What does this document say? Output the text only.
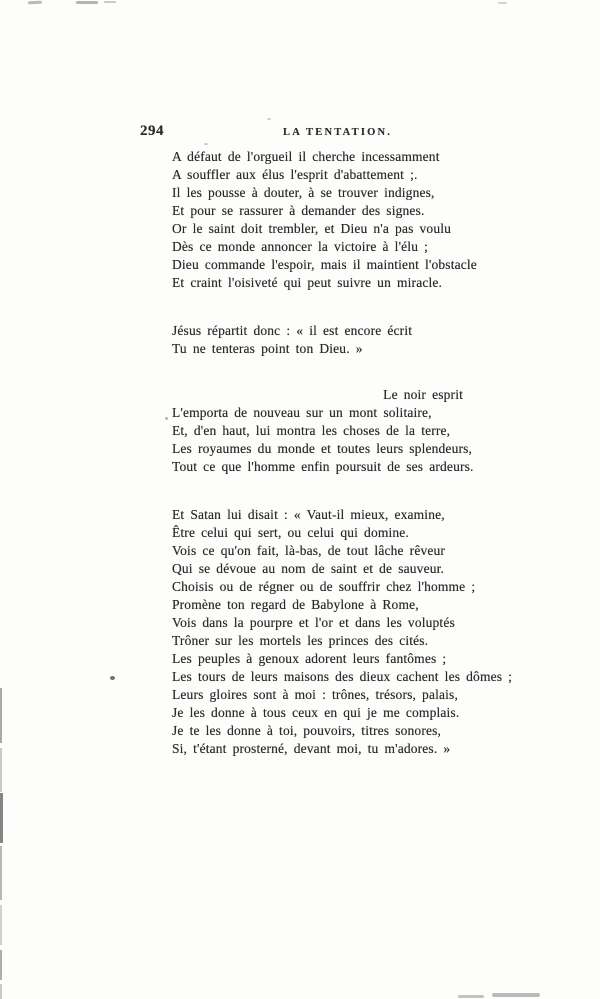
294	LA TENTATION.
A défaut de l'orgueil il cherche incessamment
A souffler aux élus l'esprit d'abattement ;.
Il les pousse à douter, à se trouver indignes,
Et pour se rassurer à demander des signes.
Or le saint doit trembler, et Dieu n'a pas voulu
Dès ce monde annoncer la victoire à l'élu ;
Dieu commande l'espoir, mais il maintient l'obstacle
Et craint l'oisiveté qui peut suivre un miracle.
Jésus répartit donc : « il est encore écrit
Tu ne tenteras point ton Dieu. »
Le noir esprit
L'emporta de nouveau sur un mont solitaire,
Et, d'en haut, lui montra les choses de la terre,
Les royaumes du monde et toutes leurs splendeurs,
Tout ce que l'homme enfin poursuit de ses ardeurs.
Et Satan lui disait : « Vaut-il mieux, examine,
Être celui qui sert, ou celui qui domine.
Vois ce qu'on fait, là-bas, de tout lâche rêveur
Qui se dévoue au nom de saint et de sauveur.
Choisis ou de régner ou de souffrir chez l'homme ;
Promène ton regard de Babylone à Rome,
Vois dans la pourpre et l'or et dans les voluptés
Trôner sur les mortels les princes des cités.
Les peuples à genoux adorent leurs fantômes ;
Les tours de leurs maisons des dieux cachent les dômes ;
Leurs gloires sont à moi : trônes, trésors, palais,
Je les donne à tous ceux en qui je me complais.
Je te les donne à toi, pouvoirs, titres sonores,
Si, t'étant prosterné, devant moi, tu m'adores. »
